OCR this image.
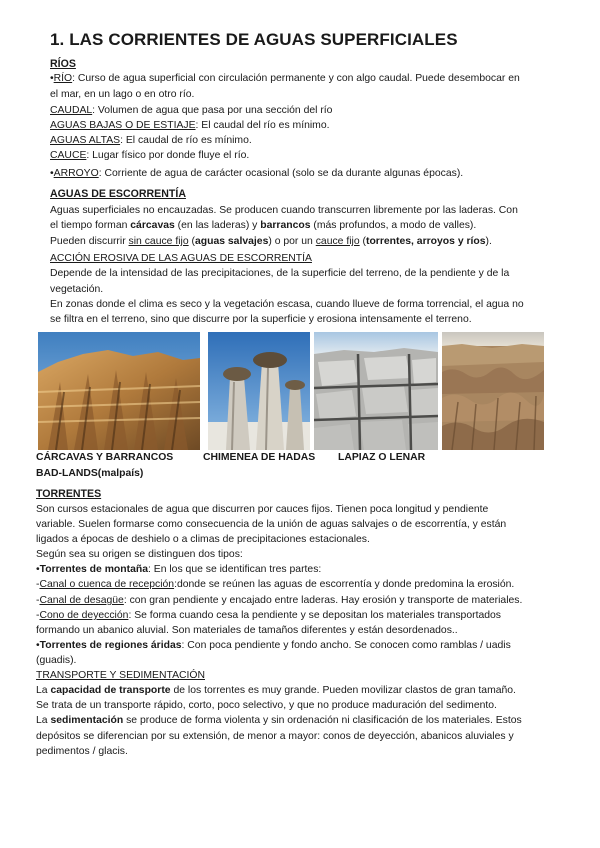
1. LAS CORRIENTES DE AGUAS SUPERFICIALES
RÍOS
•RÍO: Curso de agua superficial con circulación permanente y con algo caudal. Puede desembocar en
el mar, en un lago o en otro río.
CAUDAL: Volumen de agua que pasa por una sección del río
AGUAS BAJAS O DE ESTIAJE: El caudal del río es mínimo.
AGUAS ALTAS: El caudal de río es mínimo.
CAUCE: Lugar físico por donde fluye el río.
•ARROYO: Corriente de agua de carácter ocasional (solo se da durante algunas épocas).
AGUAS DE ESCORRENTÍA
Aguas superficiales no encauzadas. Se producen cuando transcurren libremente por las laderas. Con
el tiempo forman cárcavas (en las laderas) y barrancos (más profundos, a modo de valles).
Pueden discurrir sin cauce fijo (aguas salvajes) o por un cauce fijo (torrentes, arroyos y ríos).
ACCIÓN EROSIVA DE LAS AGUAS DE ESCORRENTÍA
Depende de la intensidad de las precipitaciones, de la superficie del terreno, de la pendiente y de la
vegetación.
En zonas donde el clima es seco y la vegetación escasa, cuando llueve de forma torrencial, el agua no
se filtra en el terreno, sino que discurre por la superficie y erosiona intensamente el terreno.
CÁRCAVAS Y BARRANCOS	CHIMENEA DE HADAS LAPIAZ O LENAR
BAD-LANDS(malpaís)
TORRENTES
Son cursos estacionales de agua que discurren por cauces fijos. Tienen poca longitud y pendiente
variable. Suelen formarse como consecuencia de la unión de aguas salvajes o de escorrentía, y están
ligados a épocas de deshielo o a climas de precipitaciones estacionales.
Según sea su origen se distinguen dos tipos:
•Torrentes de montaña: En los que se identifican tres partes:
-Canal o cuenca de recepción:donde se reúnen las aguas de escorrentía y donde predomina la erosión.
-Canal de desagüe: con gran pendiente y encajado entre laderas. Hay erosión y transporte de materiales.
-Cono de deyección: Se forma cuando cesa la pendiente y se depositan los materiales transportados
formando un abanico aluvial. Son materiales de tamaños diferentes y están desordenados..
•Torrentes de regiones áridas: Con poca pendiente y fondo ancho. Se conocen como ramblas / uadis
(guadis).
TRANSPORTE Y SEDIMENTACIÓN
La capacidad de transporte de los torrentes es muy grande. Pueden movilizar clastos de gran tamaño.
Se trata de un transporte rápido, corto, poco selectivo, y que no produce maduración del sedimento.
La sedimentación se produce de forma violenta y sin ordenación ni clasificación de los materiales. Estos
depósitos se diferencian por su extensión, de menor a mayor: conos de deyección, abanicos aluviales y
pedimentos / glacis.
